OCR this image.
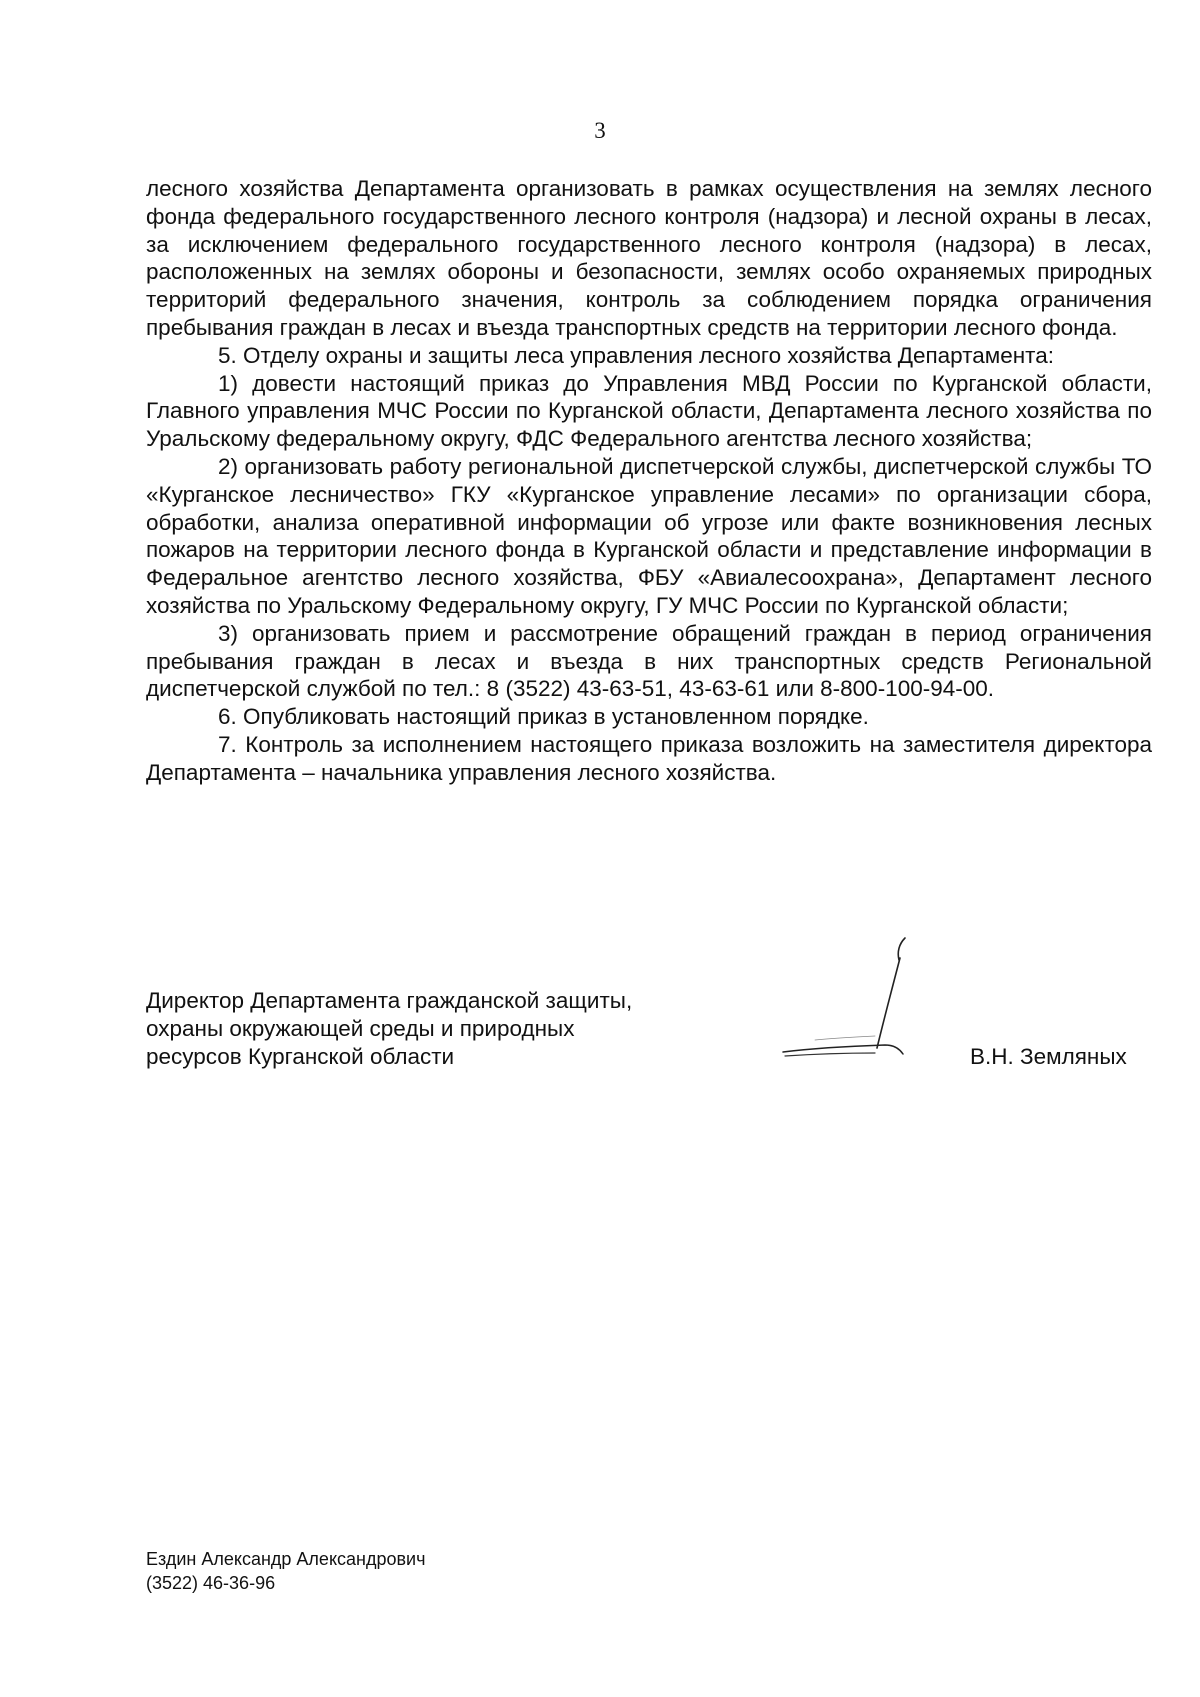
3

лесного хозяйства Департамента организовать в рамках осуществления на землях лесного фонда федерального государственного лесного контроля (надзора) и лесной охраны в лесах, за исключением федерального государственного лесного контроля (надзора) в лесах, расположенных на землях обороны и безопасности, землях особо охраняемых природных территорий федерального значения, контроль за соблюдением порядка ограничения пребывания граждан в лесах и въезда транспортных средств на территории лесного фонда.

5. Отделу охраны и защиты леса управления лесного хозяйства Департамента:

1) довести настоящий приказ до Управления МВД России по Курганской области, Главного управления МЧС России по Курганской области, Департамента лесного хозяйства по Уральскому федеральному округу, ФДС Федерального агентства лесного хозяйства;

2) организовать работу региональной диспетчерской службы, диспетчерской службы ТО «Курганское лесничество» ГКУ «Курганское управление лесами» по организации сбора, обработки, анализа оперативной информации об угрозе или факте возникновения лесных пожаров на территории лесного фонда в Курганской области и представление информации в Федеральное агентство лесного хозяйства, ФБУ «Авиалесоохрана», Департамент лесного хозяйства по Уральскому Федеральному округу, ГУ МЧС России по Курганской области;

3) организовать прием и рассмотрение обращений граждан в период ограничения пребывания граждан в лесах и въезда в них транспортных средств Региональной диспетчерской службой по тел.: 8 (3522) 43-63-51, 43-63-61 или 8-800-100-94-00.

6. Опубликовать настоящий приказ в установленном порядке.

7. Контроль за исполнением настоящего приказа возложить на заместителя директора Департамента – начальника управления лесного хозяйства.

Директор Департамента гражданской защиты,
охраны окружающей среды и природных
ресурсов Курганской области	В.Н. Земляных
Ездин Александр Александрович
(3522) 46-36-96
